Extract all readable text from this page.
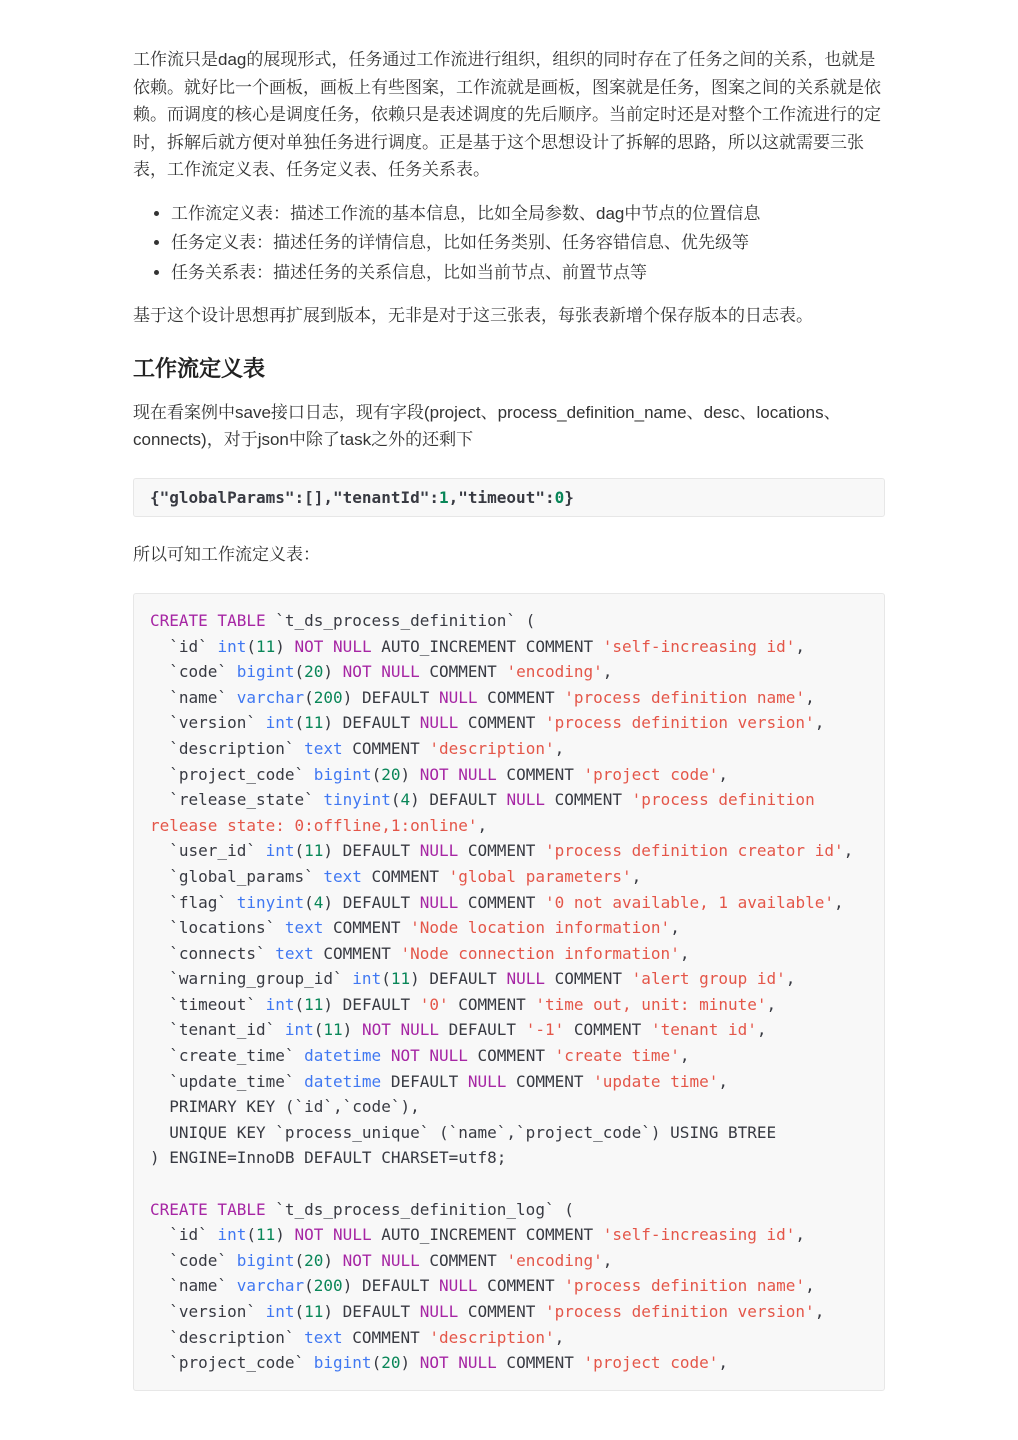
工作流只是dag的展现形式，任务通过工作流进行组织，组织的同时存在了任务之间的关系，也就是依赖。就好比一个画板，画板上有些图案，工作流就是画板，图案就是任务，图案之间的关系就是依赖。而调度的核心是调度任务，依赖只是表述调度的先后顺序。当前定时还是对整个工作流进行的定时，拆解后就方便对单独任务进行调度。正是基于这个思想设计了拆解的思路，所以这就需要三张表，工作流定义表、任务定义表、任务关系表。

• 工作流定义表：描述工作流的基本信息，比如全局参数、dag中节点的位置信息
• 任务定义表：描述任务的详情信息，比如任务类别、任务容错信息、优先级等
• 任务关系表：描述任务的关系信息，比如当前节点、前置节点等

基于这个设计思想再扩展到版本，无非是对于这三张表，每张表新增个保存版本的日志表。

工作流定义表

现在看案例中save接口日志，现有字段(project、process_definition_name、desc、locations、connects)，对于json中除了task之外的还剩下

{"globalParams":[],"tenantId":1,"timeout":0}

所以可知工作流定义表：

CREATE TABLE `t_ds_process_definition` (
`id` int(11) NOT NULL AUTO_INCREMENT COMMENT 'self-increasing id',
`code` bigint(20) NOT NULL COMMENT 'encoding',
`name` varchar(200) DEFAULT NULL COMMENT 'process definition name',
`version` int(11) DEFAULT NULL COMMENT 'process definition version',
`description` text COMMENT 'description',
`project_code` bigint(20) NOT NULL COMMENT 'project code',
`release_state` tinyint(4) DEFAULT NULL COMMENT 'process definition release state: 0:offline,1:online',
`user_id` int(11) DEFAULT NULL COMMENT 'process definition creator id',
`global_params` text COMMENT 'global parameters',
`flag` tinyint(4) DEFAULT NULL COMMENT '0 not available, 1 available',
`locations` text COMMENT 'Node location information',
`connects` text COMMENT 'Node connection information',
`warning_group_id` int(11) DEFAULT NULL COMMENT 'alert group id',
`timeout` int(11) DEFAULT '0' COMMENT 'time out, unit: minute',
`tenant_id` int(11) NOT NULL DEFAULT '-1' COMMENT 'tenant id',
`create_time` datetime NOT NULL COMMENT 'create time',
`update_time` datetime DEFAULT NULL COMMENT 'update time',
PRIMARY KEY (`id`,`code`),
UNIQUE KEY `process_unique` (`name`,`project_code`) USING BTREE
) ENGINE=InnoDB DEFAULT CHARSET=utf8;

CREATE TABLE `t_ds_process_definition_log` (
`id` int(11) NOT NULL AUTO_INCREMENT COMMENT 'self-increasing id',
`code` bigint(20) NOT NULL COMMENT 'encoding',
`name` varchar(200) DEFAULT NULL COMMENT 'process definition name',
`version` int(11) DEFAULT NULL COMMENT 'process definition version',
`description` text COMMENT 'description',
`project_code` bigint(20) NOT NULL COMMENT 'project code',
